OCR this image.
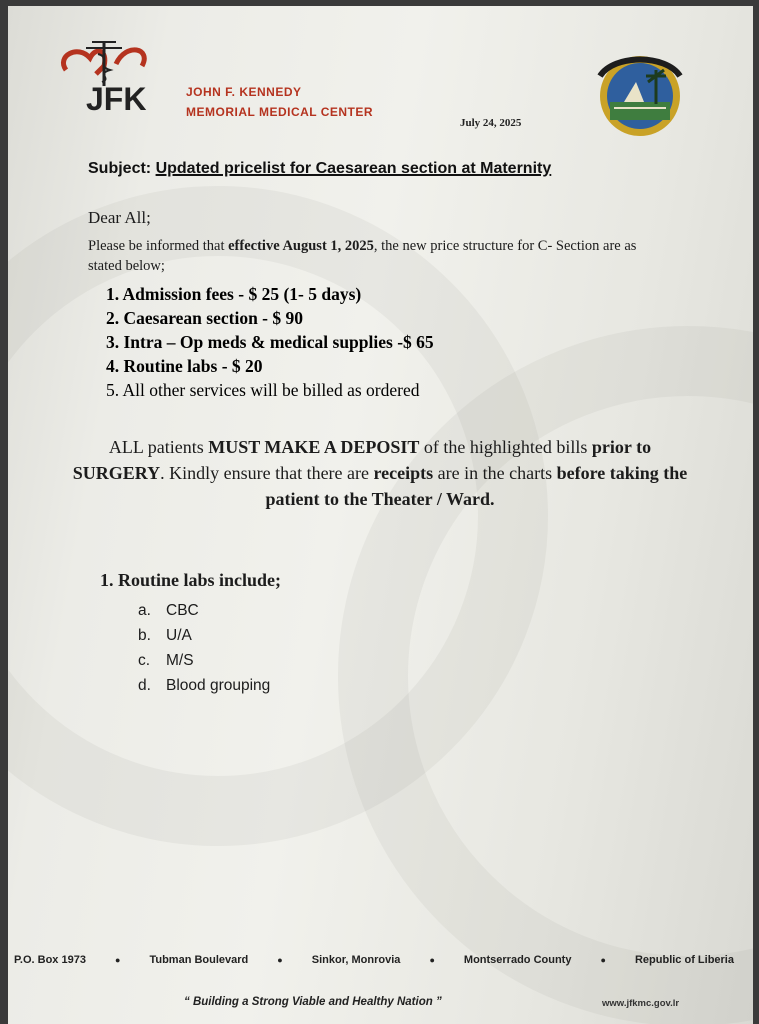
JFK	JOHN F. KENNEDY
MEMORIAL MEDICAL CENTER
July 24, 2025
Subject: Updated pricelist for Caesarean section at Maternity
Dear All;
Please be informed that effective August 1, 2025, the new price structure for C- Section are as stated below;
1. Admission fees - $ 25 (1- 5 days)
2. Caesarean section - $ 90
3. Intra – Op meds & medical supplies -$ 65
4. Routine labs - $ 20
5. All other services will be billed as ordered
ALL patients MUST MAKE A DEPOSIT of the highlighted bills prior to SURGERY. Kindly ensure that there are receipts are in the charts before taking the patient to the Theater / Ward.
1. Routine labs include;
a. CBC
b. U/A
c. M/S
d. Blood grouping
P.O. Box 1973	●	Tubman Boulevard	●	Sinkor, Monrovia	●	Montserrado County	●	Republic of Liberia
“ Building a Strong Viable and Healthy Nation ”	www.jfkmc.gov.lr
